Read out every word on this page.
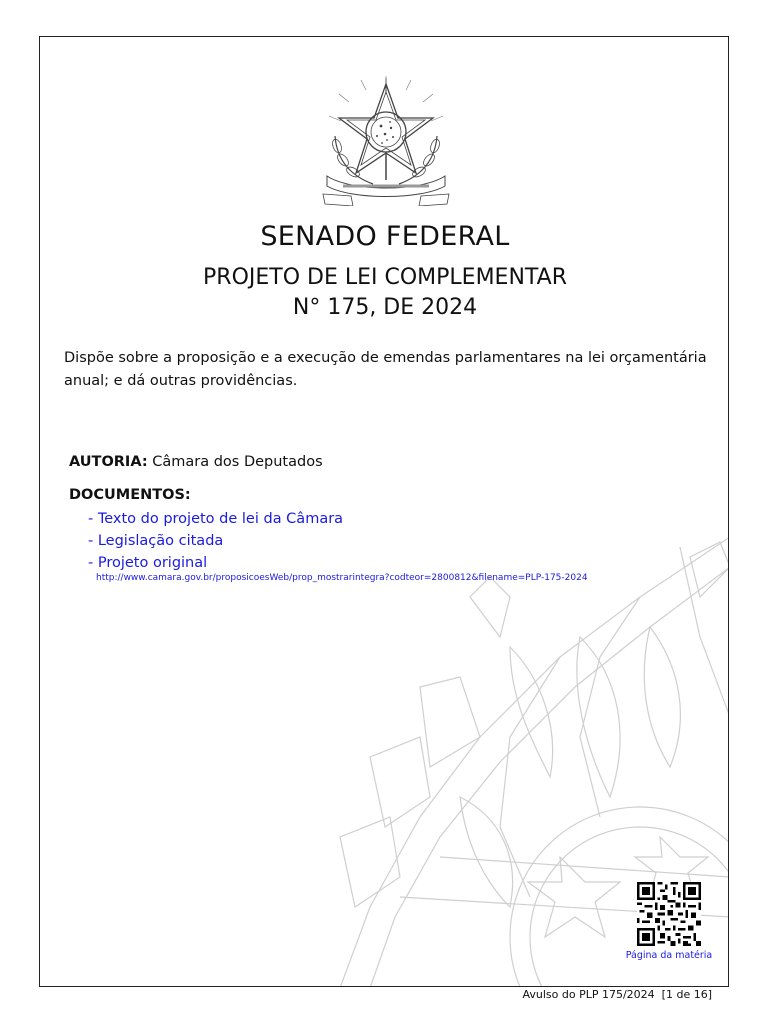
SENADO FEDERAL
PROJETO DE LEI COMPLEMENTAR
N° 175, DE 2024
Dispõe sobre a proposição e a execução de emendas parlamentares na lei orçamentária anual; e dá outras providências.
AUTORIA: Câmara dos Deputados
DOCUMENTOS:
- Texto do projeto de lei da Câmara
- Legislação citada
- Projeto original
http://www.camara.gov.br/proposicoesWeb/prop_mostrarintegra?codteor=2800812&filename=PLP-175-2024
Página da matéria
Avulso do PLP 175/2024 [1 de 16]
